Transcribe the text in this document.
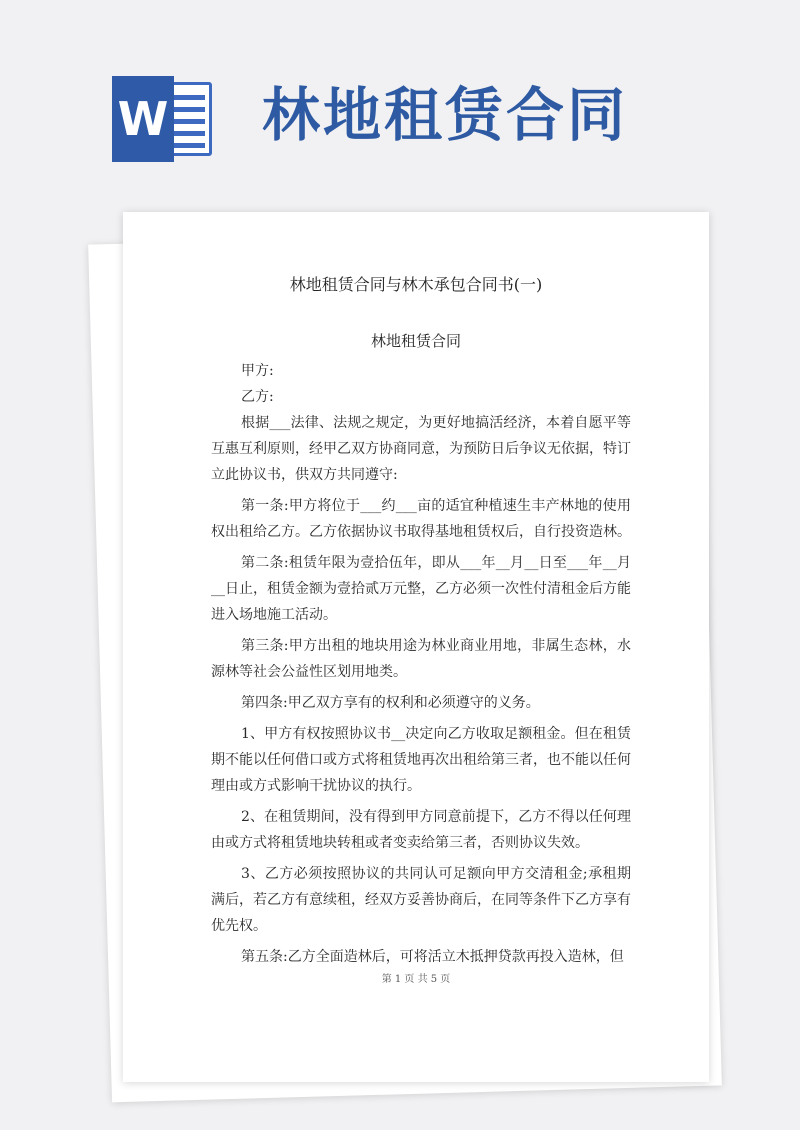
W 林地租赁合同
林地租赁合同与林木承包合同书(一)
林地租赁合同

甲方:

乙方:

根据___法律、法规之规定，为更好地搞活经济，本着自愿平等互惠互利原则，经甲乙双方协商同意，为预防日后争议无依据，特订立此协议书，供双方共同遵守:

第一条:甲方将位于___约___亩的适宜种植速生丰产林地的使用权出租给乙方。乙方依据协议书取得基地租赁权后，自行投资造林。

第二条:租赁年限为壹拾伍年，即从___年__月__日至___年__月__日止，租赁金额为壹拾贰万元整，乙方必须一次性付清租金后方能进入场地施工活动。

第三条:甲方出租的地块用途为林业商业用地，非属生态林，水源林等社会公益性区划用地类。

第四条:甲乙双方享有的权利和必须遵守的义务。

1、甲方有权按照协议书__决定向乙方收取足额租金。但在租赁期不能以任何借口或方式将租赁地再次出租给第三者，也不能以任何理由或方式影响干扰协议的执行。

2、在租赁期间，没有得到甲方同意前提下，乙方不得以任何理由或方式将租赁地块转租或者变卖给第三者，否则协议失效。

3、乙方必须按照协议的共同认可足额向甲方交清租金;承租期满后，若乙方有意续租，经双方妥善协商后，在同等条件下乙方享有优先权。

第五条:乙方全面造林后，可将活立木抵押贷款再投入造林，但

第 1 页 共 5 页
